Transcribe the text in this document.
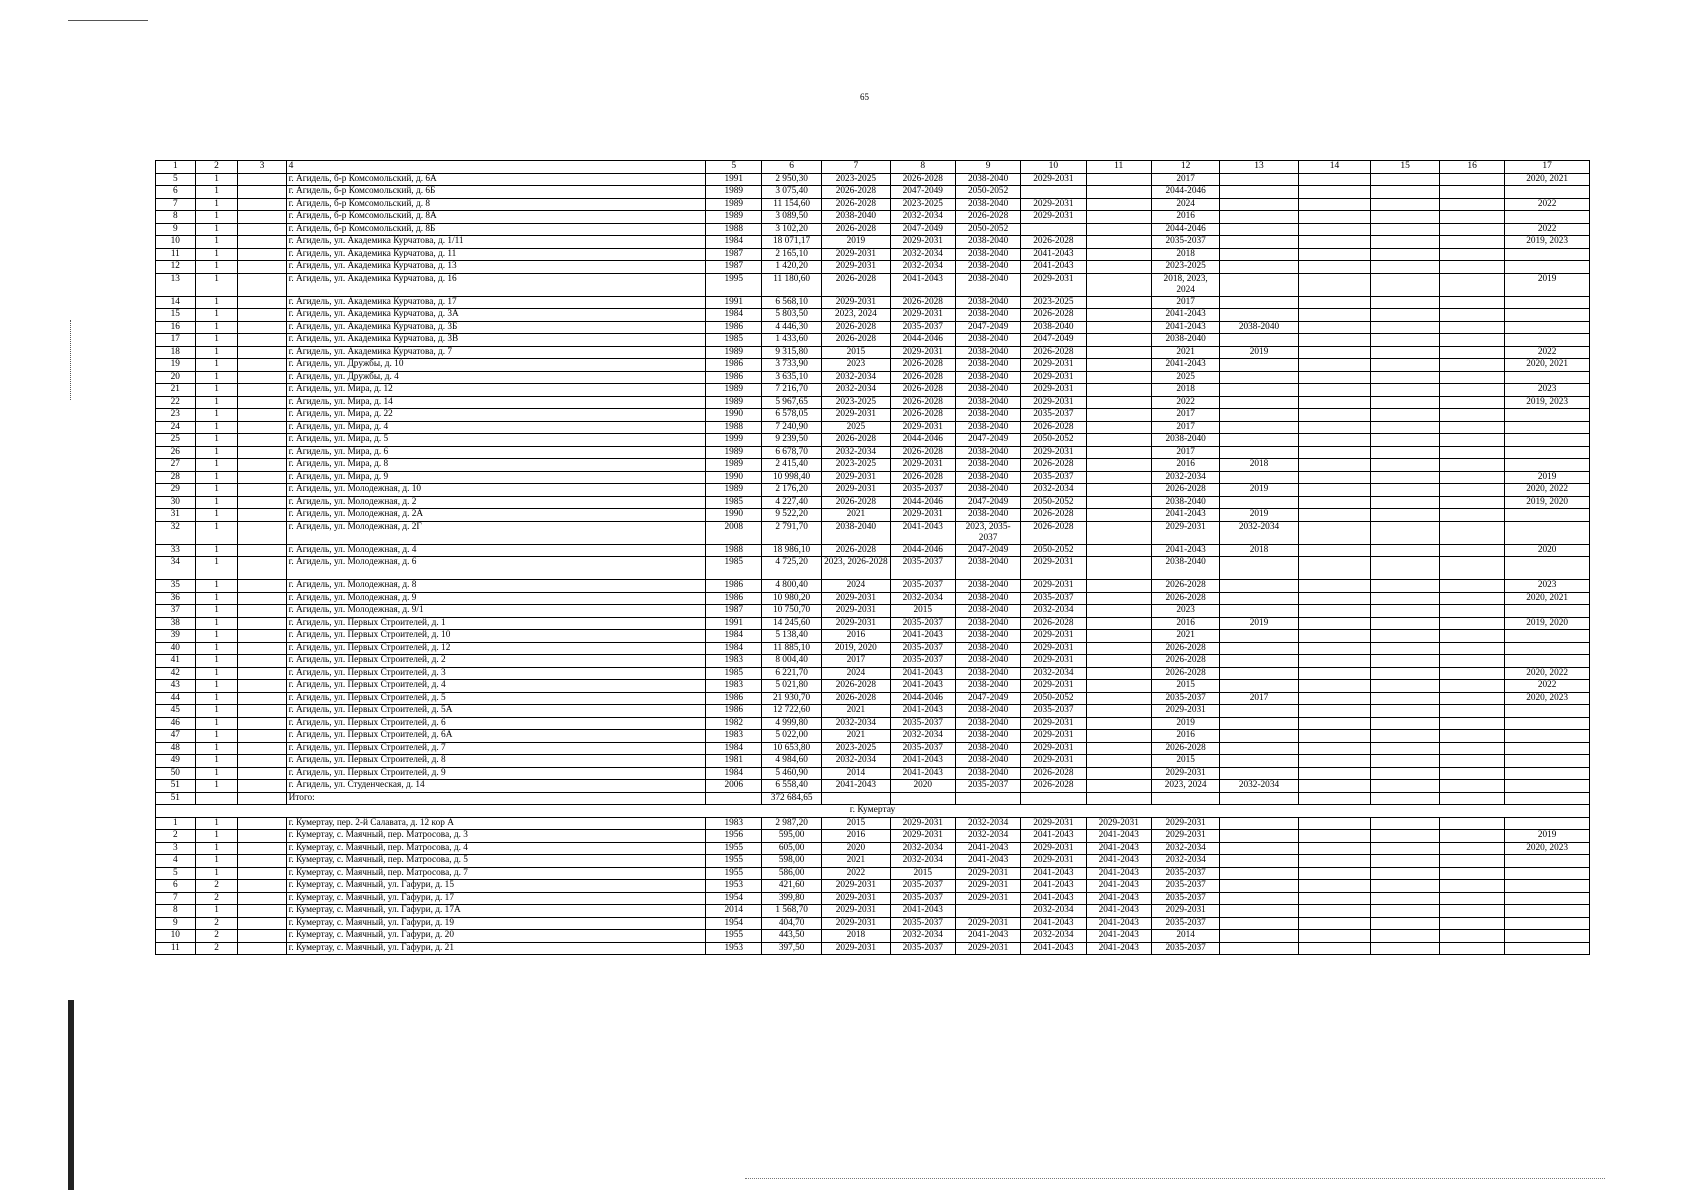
65
1	2	3	4	5	6	7	8	9	10	11	12	13	14	15	16	17
5	1		г. Агидель, б-р Комсомольский, д. 6А	1991	2 950,30	2023-2025	2026-2028	2038-2040	2029-2031		2017					2020, 2021
6	1		г. Агидель, б-р Комсомольский, д. 6Б	1989	3 075,40	2026-2028	2047-2049	2050-2052			2044-2046					
7	1		г. Агидель, б-р Комсомольский, д. 8	1989	11 154,60	2026-2028	2023-2025	2038-2040	2029-2031		2024					2022
8	1		г. Агидель, б-р Комсомольский, д. 8А	1989	3 089,50	2038-2040	2032-2034	2026-2028	2029-2031		2016					
9	1		г. Агидель, б-р Комсомольский, д. 8Б	1988	3 102,20	2026-2028	2047-2049	2050-2052			2044-2046					2022
10	1		г. Агидель, ул. Академика Курчатова, д. 1/11	1984	18 071,17	2019	2029-2031	2038-2040	2026-2028		2035-2037					2019, 2023
11	1		г. Агидель, ул. Академика Курчатова, д. 11	1987	2 165,10	2029-2031	2032-2034	2038-2040	2041-2043		2018					
12	1		г. Агидель, ул. Академика Курчатова, д. 13	1987	1 420,20	2029-2031	2032-2034	2038-2040	2041-2043		2023-2025					
13	1		г. Агидель, ул. Академика Курчатова, д. 16	1995	11 180,60	2026-2028	2041-2043	2038-2040	2029-2031		2018, 2023, 2024					2019
14	1		г. Агидель, ул. Академика Курчатова, д. 17	1991	6 568,10	2029-2031	2026-2028	2038-2040	2023-2025		2017					
15	1		г. Агидель, ул. Академика Курчатова, д. 3А	1984	5 803,50	2023, 2024	2029-2031	2038-2040	2026-2028		2041-2043					
16	1		г. Агидель, ул. Академика Курчатова, д. 3Б	1986	4 446,30	2026-2028	2035-2037	2047-2049	2038-2040		2041-2043	2038-2040				
17	1		г. Агидель, ул. Академика Курчатова, д. 3В	1985	1 433,60	2026-2028	2044-2046	2038-2040	2047-2049		2038-2040					
18	1		г. Агидель, ул. Академика Курчатова, д. 7	1989	9 315,80	2015	2029-2031	2038-2040	2026-2028		2021	2019				2022
19	1		г. Агидель, ул. Дружбы, д. 10	1986	3 733,90	2023	2026-2028	2038-2040	2029-2031		2041-2043					2020, 2021
20	1		г. Агидель, ул. Дружбы, д. 4	1986	3 635,10	2032-2034	2026-2028	2038-2040	2029-2031		2025					
21	1		г. Агидель, ул. Мира, д. 12	1989	7 216,70	2032-2034	2026-2028	2038-2040	2029-2031		2018					2023
22	1		г. Агидель, ул. Мира, д. 14	1989	5 967,65	2023-2025	2026-2028	2038-2040	2029-2031		2022					2019, 2023
23	1		г. Агидель, ул. Мира, д. 22	1990	6 578,05	2029-2031	2026-2028	2038-2040	2035-2037		2017					
24	1		г. Агидель, ул. Мира, д. 4	1988	7 240,90	2025	2029-2031	2038-2040	2026-2028		2017					
25	1		г. Агидель, ул. Мира, д. 5	1999	9 239,50	2026-2028	2044-2046	2047-2049	2050-2052		2038-2040					
26	1		г. Агидель, ул. Мира, д. 6	1989	6 678,70	2032-2034	2026-2028	2038-2040	2029-2031		2017					
27	1		г. Агидель, ул. Мира, д. 8	1989	2 415,40	2023-2025	2029-2031	2038-2040	2026-2028		2016	2018				
28	1		г. Агидель, ул. Мира, д. 9	1990	10 998,40	2029-2031	2026-2028	2038-2040	2035-2037		2032-2034					2019
29	1		г. Агидель, ул. Молодежная, д. 10	1989	2 176,20	2029-2031	2035-2037	2038-2040	2032-2034		2026-2028	2019				2020, 2022
30	1		г. Агидель, ул. Молодежная, д. 2	1985	4 227,40	2026-2028	2044-2046	2047-2049	2050-2052		2038-2040					2019, 2020
31	1		г. Агидель, ул. Молодежная, д. 2А	1990	9 522,20	2021	2029-2031	2038-2040	2026-2028		2041-2043	2019				
32	1		г. Агидель, ул. Молодежная, д. 2Г	2008	2 791,70	2038-2040	2041-2043	2023, 2035-2037	2026-2028		2029-2031	2032-2034				
33	1		г. Агидель, ул. Молодежная, д. 4	1988	18 986,10	2026-2028	2044-2046	2047-2049	2050-2052		2041-2043	2018				2020
34	1		г. Агидель, ул. Молодежная, д. 6	1985	4 725,20	2023, 2026-2028	2035-2037	2038-2040	2029-2031		2038-2040					
35	1		г. Агидель, ул. Молодежная, д. 8	1986	4 800,40	2024	2035-2037	2038-2040	2029-2031		2026-2028					2023
36	1		г. Агидель, ул. Молодежная, д. 9	1986	10 980,20	2029-2031	2032-2034	2038-2040	2035-2037		2026-2028					2020, 2021
37	1		г. Агидель, ул. Молодежная, д. 9/1	1987	10 750,70	2029-2031	2015	2038-2040	2032-2034		2023					
38	1		г. Агидель, ул. Первых Строителей, д. 1	1991	14 245,60	2029-2031	2035-2037	2038-2040	2026-2028		2016	2019				2019, 2020
39	1		г. Агидель, ул. Первых Строителей, д. 10	1984	5 138,40	2016	2041-2043	2038-2040	2029-2031		2021					
40	1		г. Агидель, ул. Первых Строителей, д. 12	1984	11 885,10	2019, 2020	2035-2037	2038-2040	2029-2031		2026-2028					
41	1		г. Агидель, ул. Первых Строителей, д. 2	1983	8 004,40	2017	2035-2037	2038-2040	2029-2031		2026-2028					
42	1		г. Агидель, ул. Первых Строителей, д. 3	1985	6 221,70	2024	2041-2043	2038-2040	2032-2034		2026-2028					2020, 2022
43	1		г. Агидель, ул. Первых Строителей, д. 4	1983	5 021,80	2026-2028	2041-2043	2038-2040	2029-2031		2015					2022
44	1		г. Агидель, ул. Первых Строителей, д. 5	1986	21 930,70	2026-2028	2044-2046	2047-2049	2050-2052		2035-2037	2017				2020, 2023
45	1		г. Агидель, ул. Первых Строителей, д. 5А	1986	12 722,60	2021	2041-2043	2038-2040	2035-2037		2029-2031					
46	1		г. Агидель, ул. Первых Строителей, д. 6	1982	4 999,80	2032-2034	2035-2037	2038-2040	2029-2031		2019					
47	1		г. Агидель, ул. Первых Строителей, д. 6А	1983	5 022,00	2021	2032-2034	2038-2040	2029-2031		2016					
48	1		г. Агидель, ул. Первых Строителей, д. 7	1984	10 653,80	2023-2025	2035-2037	2038-2040	2029-2031		2026-2028					
49	1		г. Агидель, ул. Первых Строителей, д. 8	1981	4 984,60	2032-2034	2041-2043	2038-2040	2029-2031		2015					
50	1		г. Агидель, ул. Первых Строителей, д. 9	1984	5 460,90	2014	2041-2043	2038-2040	2026-2028		2029-2031					
51	1		г. Агидель, ул. Студенческая, д. 14	2006	6 558,40	2041-2043	2020	2035-2037	2026-2028		2023, 2024	2032-2034				
51			Итого:		372 684,65											
г. Кумертау																
1	1		г. Кумертау, пер. 2-й Салавата, д. 12 кор А	1983	2 987,20	2015	2029-2031	2032-2034	2029-2031	2029-2031	2029-2031					
2	1		г. Кумертау, с. Маячный, пер. Матросова, д. 3	1956	595,00	2016	2029-2031	2032-2034	2041-2043	2041-2043	2029-2031					2019
3	1		г. Кумертау, с. Маячный, пер. Матросова, д. 4	1955	605,00	2020	2032-2034	2041-2043	2029-2031	2041-2043	2032-2034					2020, 2023
4	1		г. Кумертау, с. Маячный, пер. Матросова, д. 5	1955	598,00	2021	2032-2034	2041-2043	2029-2031	2041-2043	2032-2034					
5	1		г. Кумертау, с. Маячный, пер. Матросова, д. 7	1955	586,00	2022	2015	2029-2031	2041-2043	2041-2043	2035-2037					
6	2		г. Кумертау, с. Маячный, ул. Гафури, д. 15	1953	421,60	2029-2031	2035-2037	2029-2031	2041-2043	2041-2043	2035-2037					
7	2		г. Кумертау, с. Маячный, ул. Гафури, д. 17	1954	399,80	2029-2031	2035-2037	2029-2031	2041-2043	2041-2043	2035-2037					
8	1		г. Кумертау, с. Маячный, ул. Гафури, д. 17А	2014	1 568,70	2029-2031	2041-2043		2032-2034	2041-2043	2029-2031					
9	2		г. Кумертау, с. Маячный, ул. Гафури, д. 19	1954	404,70	2029-2031	2035-2037	2029-2031	2041-2043	2041-2043	2035-2037					
10	2		г. Кумертау, с. Маячный, ул. Гафури, д. 20	1955	443,50	2018	2032-2034	2041-2043	2032-2034	2041-2043	2014					
11	2		г. Кумертау, с. Маячный, ул. Гафури, д. 21	1953	397,50	2029-2031	2035-2037	2029-2031	2041-2043	2041-2043	2035-2037					
